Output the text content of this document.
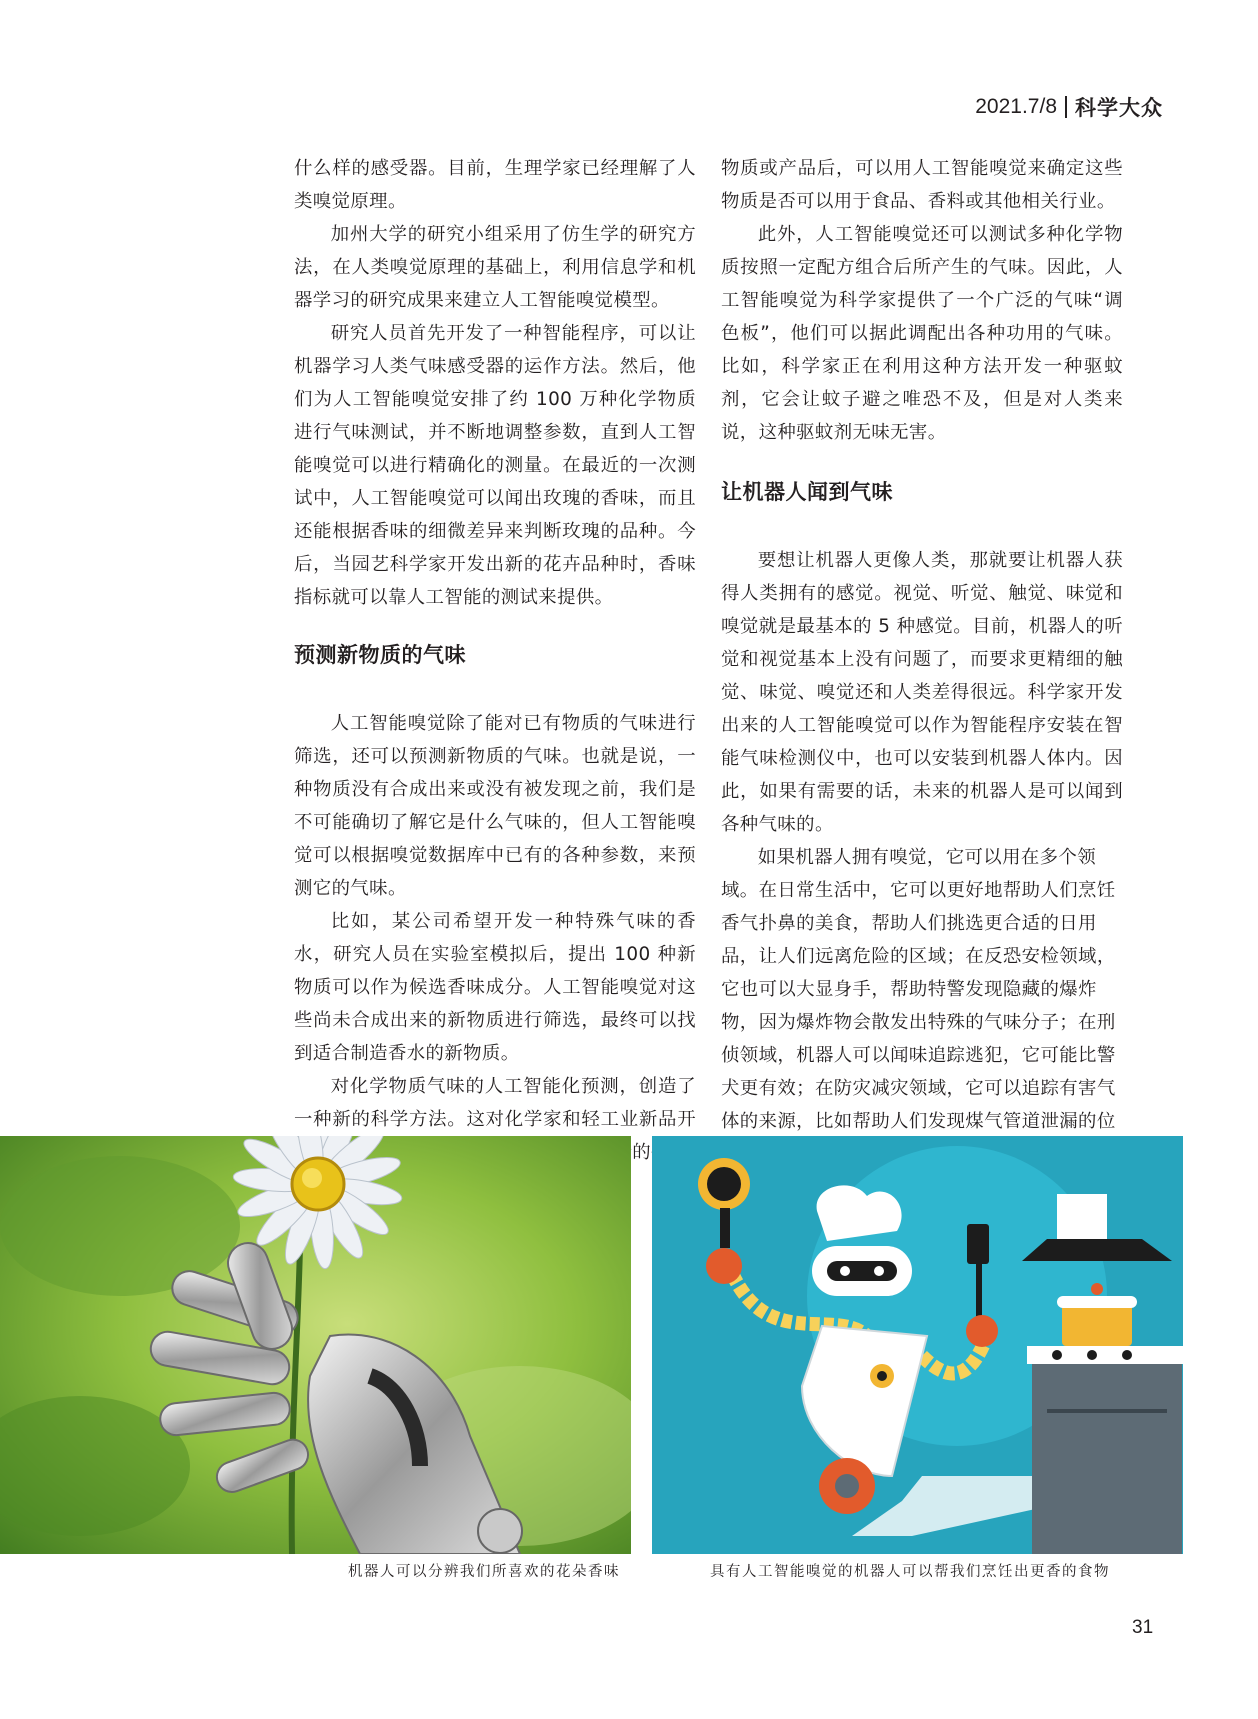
2021.7/8 科学大众

什么样的感受器。目前，生理学家已经理解了人类嗅觉原理。

加州大学的研究小组采用了仿生学的研究方法，在人类嗅觉原理的基础上，利用信息学和机器学习的研究成果来建立人工智能嗅觉模型。

研究人员首先开发了一种智能程序，可以让机器学习人类气味感受器的运作方法。然后，他们为人工智能嗅觉安排了约 100 万种化学物质进行气味测试，并不断地调整参数，直到人工智能嗅觉可以进行精确化的测量。在最近的一次测试中，人工智能嗅觉可以闻出玫瑰的香味，而且还能根据香味的细微差异来判断玫瑰的品种。今后，当园艺科学家开发出新的花卉品种时，香味指标就可以靠人工智能的测试来提供。

预测新物质的气味

人工智能嗅觉除了能对已有物质的气味进行筛选，还可以预测新物质的气味。也就是说，一种物质没有合成出来或没有被发现之前，我们是不可能确切了解它是什么气味的，但人工智能嗅觉可以根据嗅觉数据库中已有的各种参数，来预测它的气味。

比如，某公司希望开发一种特殊气味的香水，研究人员在实验室模拟后，提出 100 种新物质可以作为候选香味成分。人工智能嗅觉对这些尚未合成出来的新物质进行筛选，最终可以找到适合制造香水的新物质。

对化学物质气味的人工智能化预测，创造了一种新的科学方法。这对化学家和轻工业新品开 新的

物质或产品后，可以用人工智能嗅觉来确定这些物质是否可以用于食品、香料或其他相关行业。

此外，人工智能嗅觉还可以测试多种化学物质按照一定配方组合后所产生的气味。因此，人工智能嗅觉为科学家提供了一个广泛的气味“调色板”，他们可以据此调配出各种功用的气味。比如，科学家正在利用这种方法开发一种驱蚊剂，它会让蚊子避之唯恐不及，但是对人类来说，这种驱蚊剂无味无害。

让机器人闻到气味

要想让机器人更像人类，那就要让机器人获得人类拥有的感觉。视觉、听觉、触觉、味觉和嗅觉就是最基本的 5 种感觉。目前，机器人的听觉和视觉基本上没有问题了，而要求更精细的触觉、味觉、嗅觉还和人类差得很远。科学家开发出来的人工智能嗅觉可以作为智能程序安装在智能气味检测仪中，也可以安装到机器人体内。因此，如果有需要的话，未来的机器人是可以闻到各种气味的。

如果机器人拥有嗅觉，它可以用在多个领域。在日常生活中，它可以更好地帮助人们烹饪香气扑鼻的美食，帮助人们挑选更合适的日用品，让人们远离危险的区域；在反恐安检领域，它也可以大显身手，帮助特警发现隐藏的爆炸物，因为爆炸物会散发出特殊的气味分子；在刑侦领域，机器人可以闻味追踪逃犯，它可能比警犬更有效；在防灾减灾领域，它可以追踪有害气体的来源，比如帮助人们发现煤气管道泄漏的位

机器人可以分辨我们所喜欢的花朵香味	具有人工智能嗅觉的机器人可以帮我们烹饪出更香的食物
31
